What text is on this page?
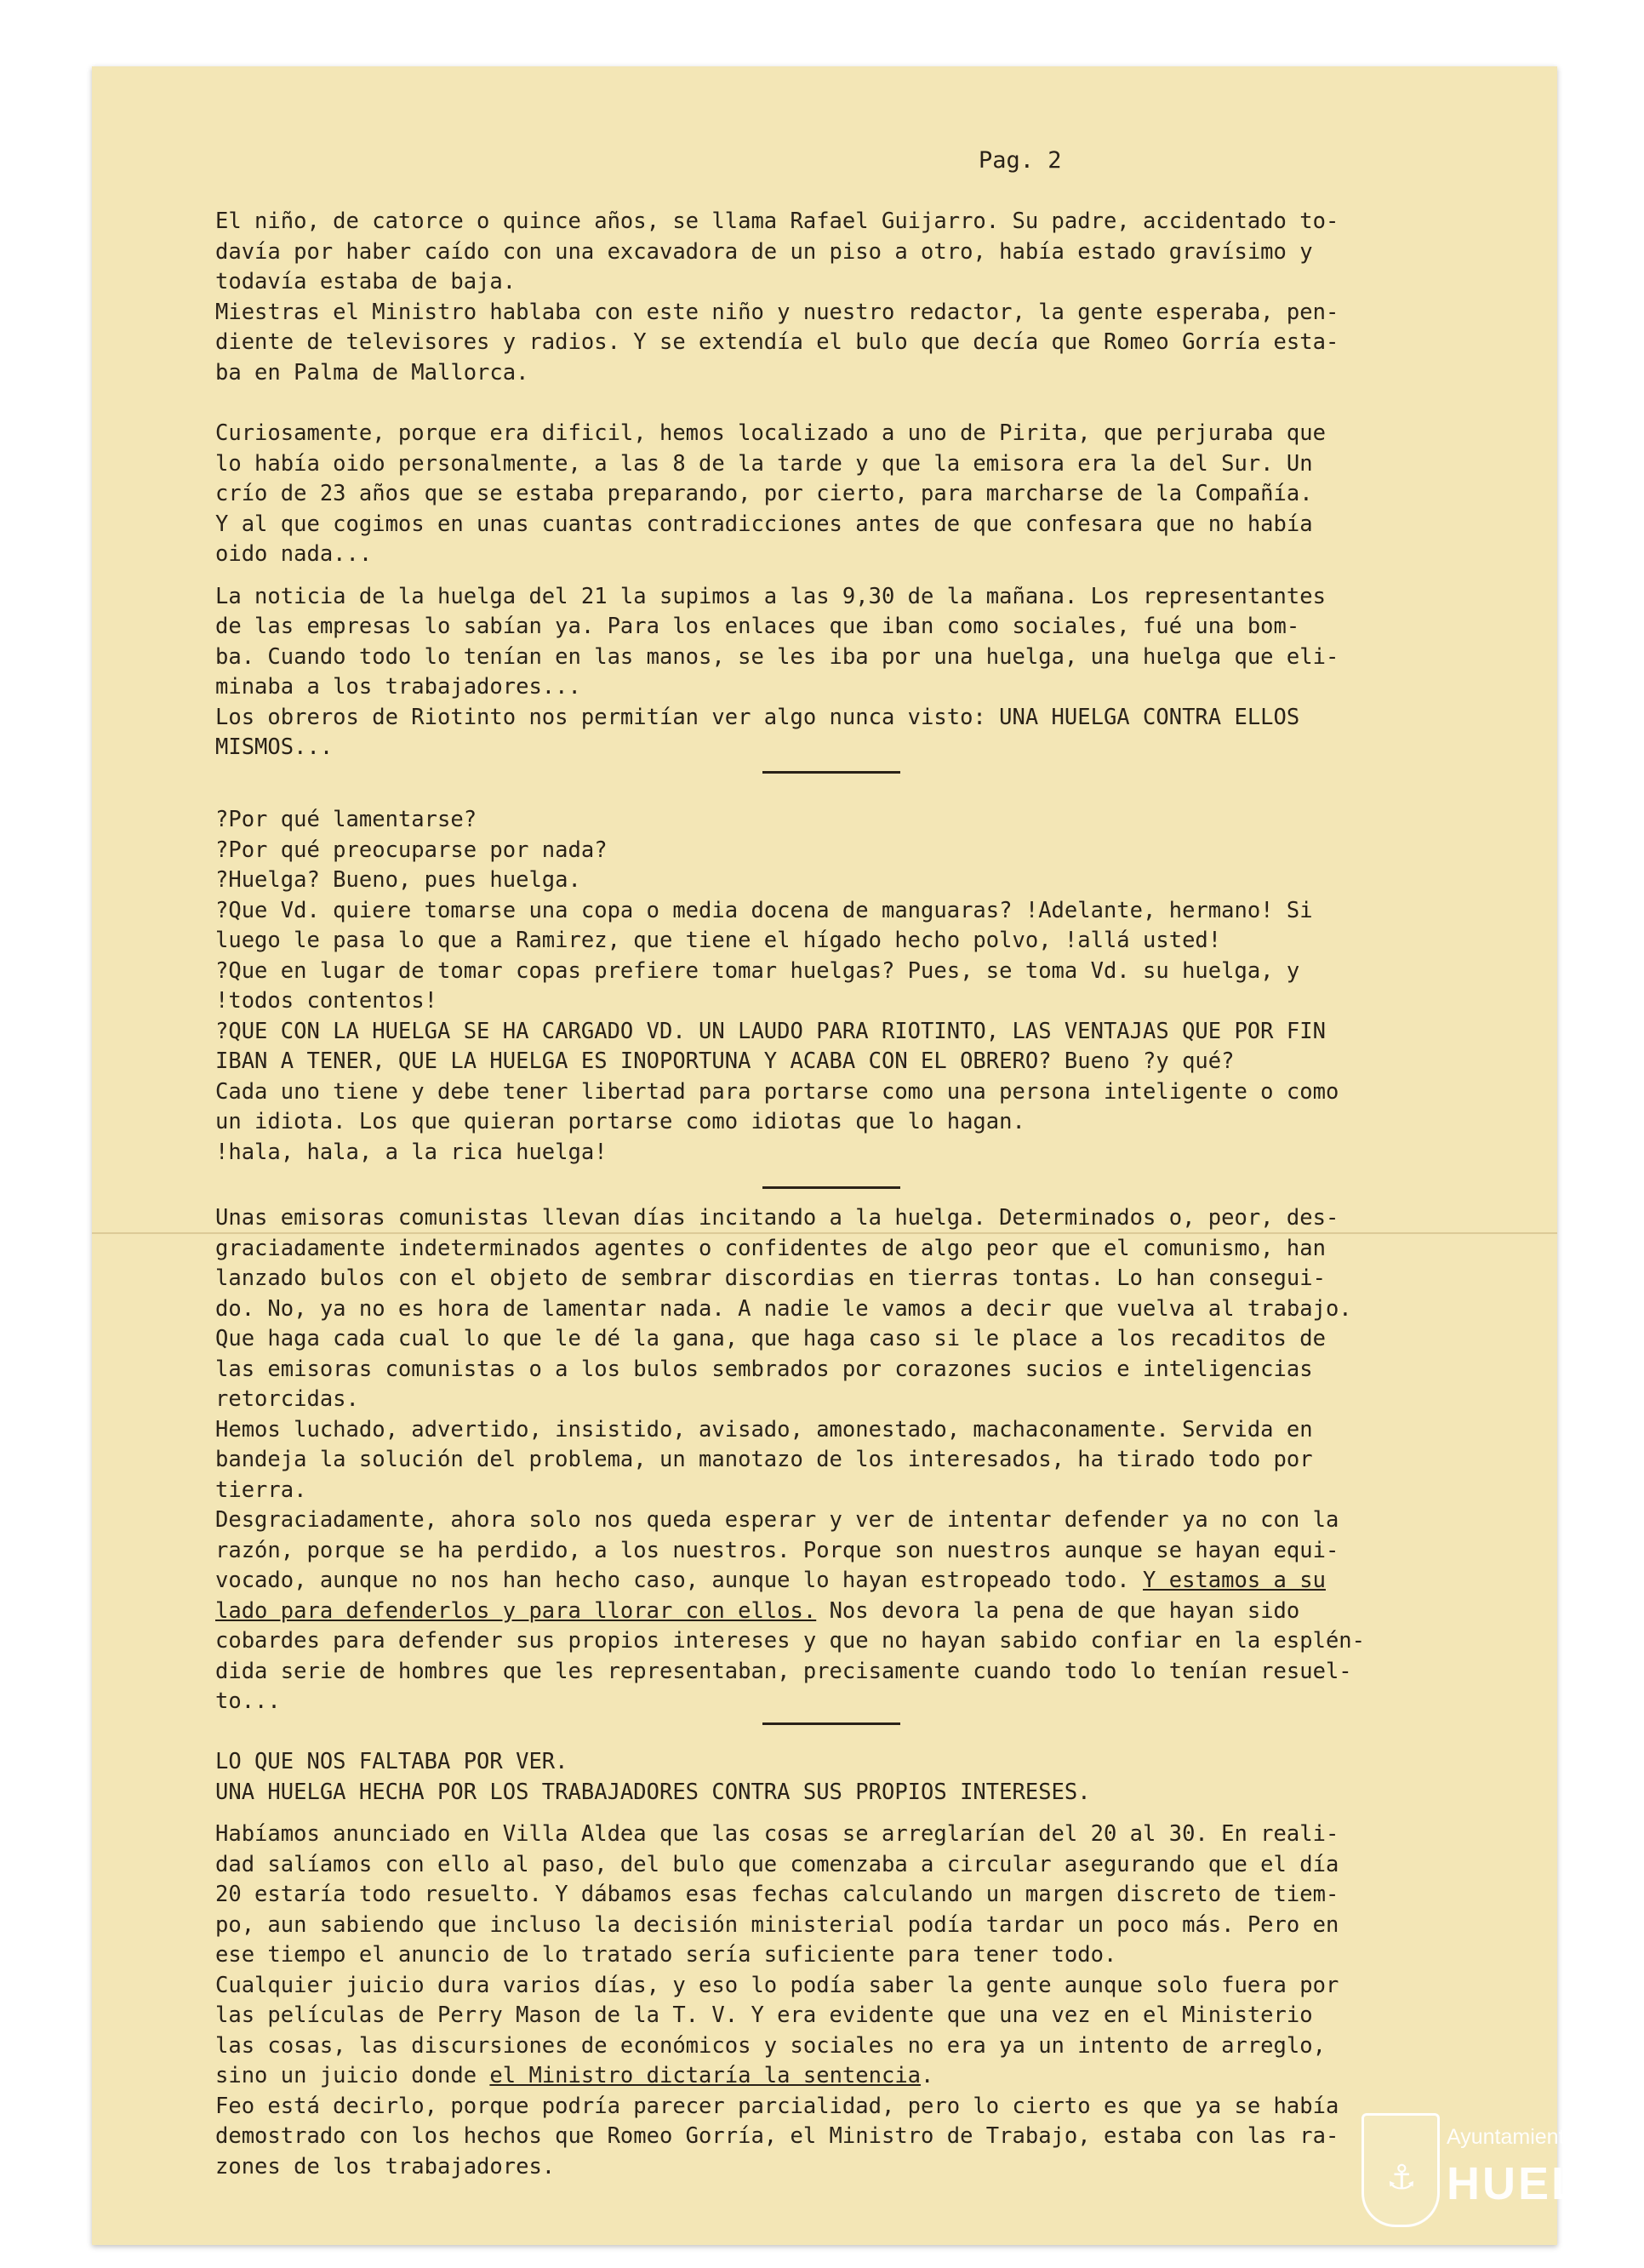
Pag. 2

El niño, de catorce o quince años, se llama Rafael Guijarro. Su padre, accidentado to-
davía por haber caído con una excavadora de un piso a otro, había estado gravísimo y
todavía estaba de baja.
Miestras el Ministro hablaba con este niño y nuestro redactor, la gente esperaba, pen-
diente de televisores y radios. Y se extendía el bulo que decía que Romeo Gorría esta-
ba en Palma de Mallorca.

Curiosamente, porque era dificil, hemos localizado a uno de Pirita, que perjuraba que
lo había oido personalmente, a las 8 de la tarde y que la emisora era la del Sur. Un
crío de 23 años que se estaba preparando, por cierto, para marcharse de la Compañía.
Y al que cogimos en unas cuantas contradicciones antes de que confesara que no había
oido nada...

La noticia de la huelga del 21 la supimos a las 9,30 de la mañana. Los representantes
de las empresas lo sabían ya. Para los enlaces que iban como sociales, fué una bom-
ba. Cuando todo lo tenían en las manos, se les iba por una huelga, una huelga que eli-
minaba a los trabajadores...
Los obreros de Riotinto nos permitían ver algo nunca visto: UNA HUELGA CONTRA ELLOS
MISMOS...

?Por qué lamentarse?
?Por qué preocuparse por nada?
?Huelga? Bueno, pues huelga.
?Que Vd. quiere tomarse una copa o media docena de manguaras? !Adelante, hermano! Si
luego le pasa lo que a Ramirez, que tiene el hígado hecho polvo, !allá usted!
?Que en lugar de tomar copas prefiere tomar huelgas? Pues, se toma Vd. su huelga, y
!todos contentos!
?QUE CON LA HUELGA SE HA CARGADO VD. UN LAUDO PARA RIOTINTO, LAS VENTAJAS QUE POR FIN
IBAN A TENER, QUE LA HUELGA ES INOPORTUNA Y ACABA CON EL OBRERO? Bueno ?y qué?
Cada uno tiene y debe tener libertad para portarse como una persona inteligente o como
un idiota. Los que quieran portarse como idiotas que lo hagan.
!hala, hala, a la rica huelga!

Unas emisoras comunistas llevan días incitando a la huelga. Determinados o, peor, des-
graciadamente indeterminados agentes o confidentes de algo peor que el comunismo, han
lanzado bulos con el objeto de sembrar discordias en tierras tontas. Lo han consegui-
do. No, ya no es hora de lamentar nada. A nadie le vamos a decir que vuelva al trabajo.
Que haga cada cual lo que le dé la gana, que haga caso si le place a los recaditos de
las emisoras comunistas o a los bulos sembrados por corazones sucios e inteligencias
retorcidas.
Hemos luchado, advertido, insistido, avisado, amonestado, machaconamente. Servida en
bandeja la solución del problema, un manotazo de los interesados, ha tirado todo por
tierra.
Desgraciadamente, ahora solo nos queda esperar y ver de intentar defender ya no con la
razón, porque se ha perdido, a los nuestros. Porque son nuestros aunque se hayan equi-
vocado, aunque no nos han hecho caso, aunque lo hayan estropeado todo. Y estamos a su
lado para defenderlos y para llorar con ellos. Nos devora la pena de que hayan sido
cobardes para defender sus propios intereses y que no hayan sabido confiar en la esplén-
dida serie de hombres que les representaban, precisamente cuando todo lo tenían resuel-
to...

LO QUE NOS FALTABA POR VER.
UNA HUELGA HECHA POR LOS TRABAJADORES CONTRA SUS PROPIOS INTERESES.

Habíamos anunciado en Villa Aldea que las cosas se arreglarían del 20 al 30. En reali-
dad salíamos con ello al paso, del bulo que comenzaba a circular asegurando que el día
20 estaría todo resuelto. Y dábamos esas fechas calculando un margen discreto de tiem-
po, aun sabiendo que incluso la decisión ministerial podía tardar un poco más. Pero en
ese tiempo el anuncio de lo tratado sería suficiente para tener todo.
Cualquier juicio dura varios días, y eso lo podía saber la gente aunque solo fuera por
las películas de Perry Mason de la T. V. Y era evidente que una vez en el Ministerio
las cosas, las discursiones de económicos y sociales no era ya un intento de arreglo,
sino un juicio donde el Ministro dictaría la sentencia.
Feo está decirlo, porque podría parecer parcialidad, pero lo cierto es que ya se había
demostrado con los hechos que Romeo Gorría, el Ministro de Trabajo, estaba con las ra-
zones de los trabajadores.	⚓
Ayuntamiento de
HUELVA
